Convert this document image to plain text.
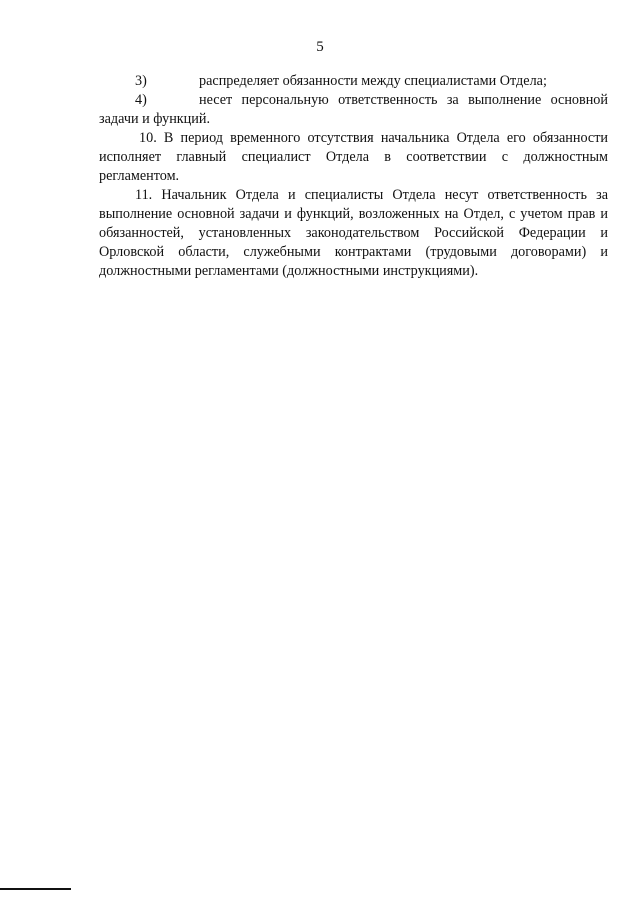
5

3)	распределяет обязанности между специалистами Отдела;

4)	несет персональную ответственность за выполнение основной задачи и функций.

10. В период временного отсутствия начальника Отдела его обязанности исполняет главный специалист Отдела в соответствии с должностным регламентом.

11. Начальник Отдела и специалисты Отдела несут ответственность за выполнение основной задачи и функций, возложенных на Отдел, с учетом прав и обязанностей, установленных законодательством Российской Федерации и Орловской области, служебными контрактами (трудовыми договорами) и должностными регламентами (должностными инструкциями).
